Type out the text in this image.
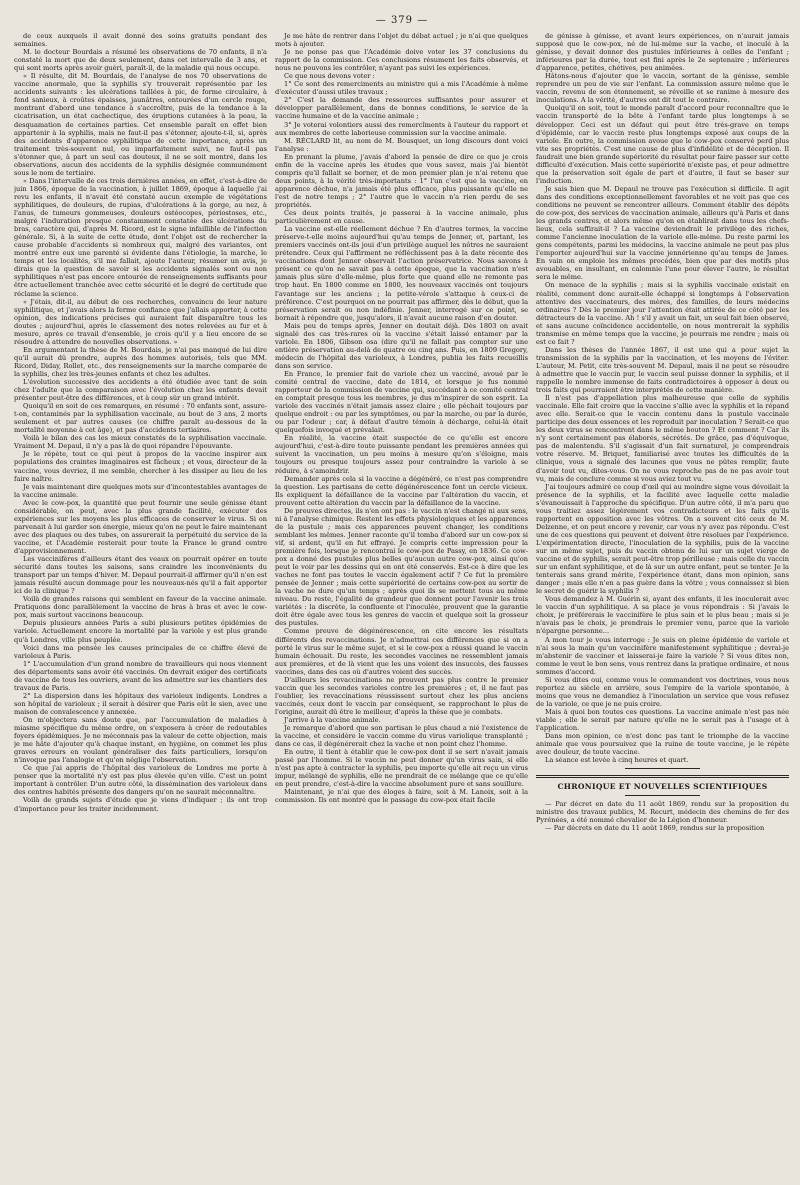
— 379 —

de ceux auxquels il avait donné des soins gratuits pendant des semaines.

M. le docteur Bourdais a résumé les observations de 70 enfants, il n'a constaté la mort que de deux seulement, dans cet intervalle de 3 ans, et qui sont morts après avoir guéri, paraît-il, de la maladie qui nous occupe.

« Il résulte, dit M. Bourdais, de l'analyse de nos 70 observations de vaccine anormale, que la syphilis s'y trouverait représentée par les accidents suivants : les ulcérations taillées à pic, de forme circulaire, à fond sanieux, à croûtes épaisses, jaunâtres, entourées d'un cercle rouge, montrant d'abord une tendance à s'accroître, puis de la tendance à la cicatrisation, un état cachectique, des éruptions cutanées à la peau, la desquamation de certaines parties. Cet ensemble paraît en effet bien appartenir à la syphilis, mais ne faut-il pas s'étonner, ajoute-t-il, si, après des accidents d'apparence syphilitique de cette importance, après un traitement très-souvent nul, ou imparfaitement suivi, ne faut-il pas s'étonner que, à part un seul cas douteux, il ne se soit montré, dans les observations, aucun des accidents de la syphilis désignée communément sous le nom de tertiaire.

« Dans l'intervalle de ces trois dernières années, en effet, c'est-à-dire de juin 1866, époque de la vaccination, à juillet 1869, époque à laquelle j'ai revu les enfants, il n'avait été constaté aucun exemple de végétations syphilitiques, de douleurs, de rupias, d'ulcérations à la gorge, au nez, à l'anus, de tumeurs gommeuses, douleurs ostéocopes, périostoses, etc., malgré l'induration presque constamment constatée des ulcérations du bras, caractère qui, d'après M. Ricord, est le signe infaillible de l'infection générale. Si, à la suite de cette étude, dont l'objet est de rechercher la cause probable d'accidents si nombreux qui, malgré des variantes, ont montré entre eux une parenté si évidente dans l'étiologie, la marche, le temps et les localités, s'il me fallait, ajoute l'auteur, résumer un avis, je dirais que la question de savoir si les accidents signalés sont ou non syphilitiques n'est pas encore entourée de renseignements suffisants pour être actuellement tranchée avec cette sécurité et le degré de certitude que réclame la science.

« J'étais, dit-il, au début de ces recherches, convaincu de leur nature syphilitique, et j'avais alors la ferme confiance que j'allais apporter, à cette opinion, des indications précises qui auraient fait disparaître tous les doutes ; aujourd'hui, après le classement des notes relevées au fur et à mesure, après ce travail d'ensemble, je crois qu'il y a lieu encore de se résoudre à attendre de nouvelles observations. »

En argumentant la thèse de M. Bourdais, je n'ai pas manqué de lui dire qu'il aurait dû prendre, auprès des hommes autorisés, tels que MM. Ricord, Diday, Rollet, etc., des renseignements sur la marche comparée de la syphilis, chez les très-jeunes enfants et chez les adultes.

L'évolution successive des accidents a été étudiée avec tant de soin chez l'adulte que la comparaison avec l'évolution chez les enfants devait présenter peut-être des différences, et à coup sûr un grand intérêt.

Quoiqu'il en soit de ces remarques, en résumé : 70 enfants sont, assure-t-on, contaminés par la syphilisation vaccinale, au bout de 3 ans, 2 morts seulement et par autres causes (ce chiffre paraît au-dessous de la mortalité moyenne à cet âge), et pas d'accidents tertiaires.

Voilà le bilan des cas les mieux constatés de la syphilisation vaccinale. Vraiment M. Depaul, il n'y a pas là de quoi répandre l'épouvante.

Je le répète, tout ce qui peut à propos de la vaccine inspirer aux populations des craintes imaginaires est fâcheux ; et vous, directeur de la vaccine, vous devriez, il me semble, chercher à les dissiper au lieu de les faire naître.

Je vais maintenant dire quelques mots sur d'incontestables avantages de la vaccine animale.

Avec le cow-pox, la quantité que peut fournir une seule génisse étant considérable, on peut, avec la plus grande facilité, exécuter des expériences sur les moyens les plus efficaces de conserver le virus. Si on parvenait à lui garder son énergie, mieux qu'on ne peut le faire maintenant avec des plaques ou des tubes, on assurerait la perpétuité du service de la vaccine, et l'Académie resterait pour toute la France le grand centre d'approvisionnement.

Les vaccinifères d'ailleurs étant des veaux on pourrait opérer en toute sécurité dans toutes les saisons, sans craindre les inconvénients du transport par un temps d'hiver. M. Depaul pourrait-il affirmer qu'il n'en est jamais résulté aucun dommage pour les nouveaux-nés qu'il a fait apporter ici de la clinique ?

Voilà de grandes raisons qui semblent en faveur de la vaccine animale. Pratiquons donc parallèlement la vaccine de bras à bras et avec le cow-pox, mais surtout vaccinons beaucoup.

Depuis plusieurs années Paris a subi plusieurs petites épidémies de variole. Actuellement encore la mortalité par la variole y est plus grande qu'à Londres, ville plus peuplée.

Voici dans ma pensée les causes principales de ce chiffre élevé de varioleux à Paris.

1° L'accumulation d'un grand nombre de travailleurs qui nous viennent des départements sans avoir été vaccinés. On devrait exiger des certificats de vaccine de tous les ouvriers, avant de les admettre sur les chantiers des travaux de Paris.

2° La dispersion dans les hôpitaux des varioleux indigents. Londres a son hôpital de varioleux ; il serait à désirer que Paris eût le sien, avec une maison de convalescence y annexée.

On m'objectera sans doute que, par l'accumulation de maladies à miasme spécifique du même ordre, on s'exposera à créer de redoutables foyers épidémiques. Je ne méconnais pas la valeur de cette objection, mais je me hâte d'ajouter qu'à chaque instant, en hygiène, on commet les plus graves erreurs en voulant généraliser des faits particuliers, lorsqu'on n'invoque pas l'analogie et qu'on néglige l'observation.

Ce que j'ai appris de l'hôpital des varioleux de Londres me porte à penser que la mortalité n'y est pas plus élevée qu'en ville. C'est un point important à contrôler. D'un autre côté, la dissémination des varioleux dans des centres habités présente des dangers qu'on ne saurait méconnaître.

Voilà de grands sujets d'étude que je viens d'indiquer ; ils ont trop d'importance pour les traiter incidemment.

Je me hâte de rentrer dans l'objet du débat actuel ; je n'ai que quelques mots à ajouter.

Je ne pense pas que l'Académie doive voter les 37 conclusions du rapport de la commission. Ces conclusions résument les faits observés, et nous ne pouvons les contrôler, n'ayant pas suivi les expériences.

Ce que nous devons voter :

1° Ce sont des remerciments au ministre qui a mis l'Académie à même d'exécuter d'aussi utiles travaux ;

2° C'est la demande des ressources suffisantes pour assurer et développer parallèlement, dans de bonnes conditions, le service de la vaccine humaine et de la vaccine animale ;

3° Je voterai volontiers aussi des remercîments à l'auteur du rapport et aux membres de cette laborieuse commission sur la vaccine animale.

M. RÉCLARD lit, au nom de M. Bousquet, un long discours dont voici l'analyse :

En prenant la plume, j'avais d'abord la pensée de dire ce que je crois enfin de la vaccine après les études que vous savez, mais j'ai bientôt compris qu'il fallait se borner, et de mon premier plan je n'ai retenu que deux points, à la vérité très-importants : 1° l'un c'est que la vaccine, en apparence déchue, n'a jamais été plus efficace, plus puissante qu'elle ne l'est de notre temps ; 2° l'autre que le vaccin n'a rien perdu de ses propriétés.

Ces deux points traités, je passerai à la vaccine animale, plus particulièrement en cause.

La vaccine est-elle réellement déchue ? En d'autres termes, la vaccine préserve-t-elle moins aujourd'hui qu'au temps de Jenner, et, partant, les premiers vaccinés ont-ils joui d'un privilège auquel les nôtres ne sauraient prétendre. Ceux qui l'affirment ne réfléchissent pas à la date récente des vaccinations dont Jenner observait l'action préservatrice. Nous savons à présent ce qu'on ne savait pas à cette époque, que la vaccination n'est jamais plus sûre d'elle-même, plus forte que quand elle ne remonte pas trop haut. En 1800 comme en 1800, les nouveaux vaccinés ont toujours l'avantage sur les anciens ; la petite-vérole s'attaque à ceux-ci de préférence. C'est pourquoi on ne pourrait pas affirmer, dès le début, que la préservation serait ou non indéfinie. Jenner, interrogé sur ce point, se bornait à répondre que, jusqu'alors, il n'avait aucune raison d'en douter.

Mais peu de temps après, Jenner en doutait déjà. Dès 1803 on avait signalé des cas très-rares où la vaccine s'était laissé entamer par la variole. En 1806, Gibson osa (dire qu'il ne fallait pas compter sur une entière préservation au-delà de quatre ou cinq ans. Puis, en 1809 Gregory, médecin de l'hôpital des varioleux, à Londres, publia les faits recueillis dans son service.

En France, le premier fait de variole chez un vacciné, avoué par le comité central de vaccine, date de 1814, et lorsque je fus nommé rapporteur de la commission de vaccine qui, succédant à ce comité central en comptait presque tous les membres, je dus m'inspirer de son esprit. La variole des vaccinés n'était jamais assez claire ; elle péchait toujours par quelque endroit : ou par les symptômes, ou par la marche, ou par la durée, ou par l'odeur ; car, à défaut d'autre témoin à décharge, celui-là était quelquefois invoqué et prévalait.

En réalité, la vaccine était suspectée de ce qu'elle est encore aujourd'hui, c'est-à-dire toute puissante pendant les premières années qui suivent la vaccination, un peu moins à mesure qu'on s'éloigne, mais toujours ou presque toujours assez pour contraindre la variole à se réduire, à s'amoindrir.

Demander après cela si la vaccine a dégénéré, ce n'est pas comprendre la question. Les partisans de cette dégénérescence font un cercle vicieux. Ils expliquent la défaillance de la vaccine par l'altération du vaccin, et prouvent cette altération du vaccin par la défaillance de la vaccine.

De preuves directes, ils n'en ont pas : le vaccin n'est changé ni aux sens, ni à l'analyse chimique. Restent les effets physiologiques et les apparences de la pustule ; mais ces apparences peuvent changer, les conditions semblant les mêmes. Jenner raconte qu'il tomba d'abord sur un cow-pox si vif, si ardent, qu'il en fut effrayé. Je compris cette impression pour la première fois, lorsque je rencontrai le cow-pox de Passy, en 1836. Ce cow-pox a donné des pustules plus belles qu'aucun autre cow-pox, ainsi qu'on peut le voir par les dessins qui en ont été conservés. Est-ce à dire que les vaches ne font pas toutes le vaccin également actif ? Ce fut la première pensée de Jenner ; mais cette supériorité de certains cow-pox au sortir de la vache ne dure qu'un temps ; après quoi ils se mettent tous au même niveau. Du reste, l'égalité de grandeur que donnent pour l'avenir les trois variétés : la discrète, la confluente et l'inoculée, prouvent que la garantie doit être égale avec tous les genres de vaccin et quelque soit la grosseur des pustules.

Comme preuve de dégénérescence, on cite encore les résultats différents des revaccinations. Je n'admettrai ces différences que si on a porté le virus sur le même sujet, et si le cow-pox a réussi quand le vaccin humain échouait. Du reste, les secondes vaccines ne ressemblent jamais aux premières, et de là vient que les uns voient des insuccès, des fausses vaccines, dans des cas où d'autres voient des succès.

D'ailleurs les revaccinations ne prouvent pas plus contre le premier vaccin que les secondes varioles contre les premières ; et, il ne faut pas l'oublier, les revaccinations réussissent surtout chez les plus anciens vaccinés, ceux dont le vaccin par conséquent, se rapprochant le plus de l'origine, aurait dû être le meilleur, d'après la thèse que je combats.

J'arrive à la vaccine animale.

Je remarque d'abord que son partisan le plus chaud a nié l'existence de la vaccine, et considère le vaccin comme du virus variolique transplanté ; dans ce cas, il dégénérerait chez la vache et non point chez l'homme.

En outre, il tient à établir que le cow-pox dont il se sert n'avait jamais passé par l'homme. Si le vaccin ne peut donner qu'un virus sain, si elle n'est pas apte à contracter la syphilis, peu importe qu'elle ait reçu un virus impur, mélangé de syphilis, elle ne prendrait de ce mélange que ce qu'elle en peut prendre, c'est-à-dire la vaccine absolument pure et sans souillure.

Maintenant, je n'ai que des éloges à faire, soit à M. Lanoix, soit à la commission. Ils ont montré que le passage du cow-pox était facile

de génisse à génisse, et avant leurs expériences, on n'aurait jamais supposé que le cow-pox, né de lui-même sur la vache, et inoculé à la génisse, y devait donner des pustules inférieures à celles de l'enfant ; inférieures par la durée, tout est fini après le 2e septenaire ; inférieures d'apparence, petites, chétives, peu animées.

Hâtons-nous d'ajouter que le vaccin, sortant de la génisse, semble reprendre un peu de vie sur l'enfant. La commission assure même que le vaccin, revenu de son étonnement, se réveille et se ranime à mesure des inoculations. A la vérité, d'autres ont dit tout le contraire.

Quoiqu'il en soit, tout le monde paraît d'accord pour reconnaître que le vaccin transporté de la bête à l'enfant tarde plus longtemps à se développer. Ceci est un défaut qui peut être très-grave en temps d'épidémie, car le vaccin reste plus longtemps exposé aux coups de la variole. En outre, la commission avoue que le cow-pox conservé perd plus vite ses propriétés. C'est une cause de plus d'infidélité et de déception. Il faudrait une bien grande supériorité du résultat pour faire passer sur cette difficulté d'exécution. Mais cette supériorité n'existe pas, et pour admettre que la préservation soit égale de part et d'autre, il faut se baser sur l'induction.

Je sais bien que M. Depaul ne trouve pas l'exécution si difficile. Il agit dans des conditions exceptionnellement favorables et ne voit pas que ces conditions ne peuvent se rencontrer ailleurs. Comment établir des dépôts de cow-pox, des services de vaccination animale, ailleurs qu'à Paris et dans les grands centres, et alors même qu'on en établirait dans tous les chefs-lieux, cela suffirait-il ? La vaccine deviendrait le privilège des riches, comme l'ancienne inoculation de la variole elle-même. Du reste parmi les gens compétents, parmi les médecins, la vaccine animale ne peut pas plus l'emporter aujourd'hui sur la vaccine jennérienne qu'au temps de James. En vain on emploie les mêmes procédés, bien que par des motifs plus avouables, en insultant, en calomnie l'une pour élever l'autre, le résultat sera le même.

On menace de la syphilis ; mais si la syphilis vaccinale existait en réalité, comment donc aurait-elle échappé si longtemps à l'observation attentive des vaccinateurs, des mères, des familles, de leurs médecins ordinaires ? Dès le premier jour l'attention était attirée de ce côté par les détracteurs de la vaccine. Ah ! s'il y avait un fait, un seul fait bien observé, et sans aucune coïncidence accidentelle, on nous montrerait la syphilis transmise en même temps que la vaccine, je pourrais me rendre ; mais où est ce fait ?

Dans les thèses de l'année 1867, il est une qui a pour sujet la transmission de la syphilis par la vaccination, et les moyens de l'éviter. L'auteur, M. Petit, cite très-souvent M. Depaul, mais il ne peut se résoudre à admettre que le vaccin pur, le vaccin seul puisse donner la syphilis, et il rappelle le nombre immense de faits contradictoires à opposer à deux ou trois faits qui pourraient être interprétés de cette manière.

Il n'est pas d'appellation plus malheureuse que celle de syphilis vaccinale. Elle fait croire que la vaccine s'allie avec la syphilis et la répand avec elle. Serait-ce que le vaccin contenu dans la pustule vaccinale participe des deux essences et les reproduit par inoculation ? Serait-ce que les deux virus se rencontrent dans le même bouton ? Et comment ? Car ils n'y sont certainement pas élaborés, sécrétés. De grâce, pas d'équivoque, pas de malentendu. S'il s'agissait d'un fait surnaturel, je comprendrais votre réserve. M. Briquet, familiarisé avec toutes les difficultés de la clinique, vous a signalé des lacunes que vous ne pûtes remplir, faute d'avoir tout vu, dites-vous. On ne vous reproche pas de ne pas avoir tout vu, mais de conclure comme si vous aviez tout vu.

J'ai toujours admiré ce coup d'œil qui au moindre signe vous dévoilait la présence de la syphilis, et la facilité avec laquelle cette maladie s'évanouissait à l'approche du spécifique. D'un autre côté, il m'a paru que vous traitiez assez légèrement vos contradicteurs et les faits qu'ils rapportent en opposition avec les vôtres. On a souvent cité ceux de M. Delzenne, et on peut encore y revenir, car vous n'y avez pas répondu. C'est une de ces questions qui peuvent et doivent être résolues par l'expérience. L'expérimentation directe, l'inoculation de la syphilis, puis de la vaccine sur un même sujet, puis du vaccin obtenu de lui sur un sujet vierge de vaccine et de syphilis, serait peut-être trop périlleuse ; mais celle du vaccin sur un enfant syphilitique, et de là sur un autre enfant, peut se tenter. Je la tenterais sans grand mérite, l'expérience étant, dans mon opinion, sans danger ; mais elle n'en a pas guère dans la vôtre ; vous connaissez si bien le secret de guérir la syphilis ?

Vous demandez à M. Guérin si, ayant des enfants, il les inoculerait avec le vaccin d'un syphilitique. A sa place je vous répondrais : Si j'avais le choix, je préférerais le vaccinifère le plus sain et le plus beau ; mais si je n'avais pas le choix, je prendrais le premier venu, parce que la variole n'épargne personne...

A mon tour je vous interroge : Je suis en pleine épidémie de variole et n'ai sous la main qu'un vaccinifère manifestement syphilitique ; devrai-je m'abstenir de vacciner et laisserai-je faire la variole ? Si vous dites non, comme le veut le bon sens, vous rentrez dans la pratique ordinaire, et nous sommes d'accord.

Si vous dites oui, comme vous le commandent vos doctrines, vous nous reportez au siècle en arrière, sous l'empire de la variole spontanée, à moins que vous ne demandiez à l'inoculation un service que vous refusez de la variole, ce que je ne puis croire.

Mais à quoi bon toutes ces questions. La vaccine animale n'est pas née viable ; elle le serait par nature qu'elle ne le serait pas à l'usage et à l'application.

Dans mon opinion, ce n'est donc pas tant le triomphe de la vaccine animale que vous poursuivez que la ruine de toute vaccine, je le répète avec douleur, de toute vaccine.

La séance est levée à cinq heures et quart.

CHRONIQUE ET NOUVELLES SCIENTIFIQUES

— Par décret en date du 11 août 1869, rendu sur la proposition du ministre des travaux publics, M. Recurt, médecin des chemins de fer des Pyrénées, a été nommé chevalier de la Légion d'honneur.

— Par décrets en date du 11 août 1869, rendus sur la proposition
